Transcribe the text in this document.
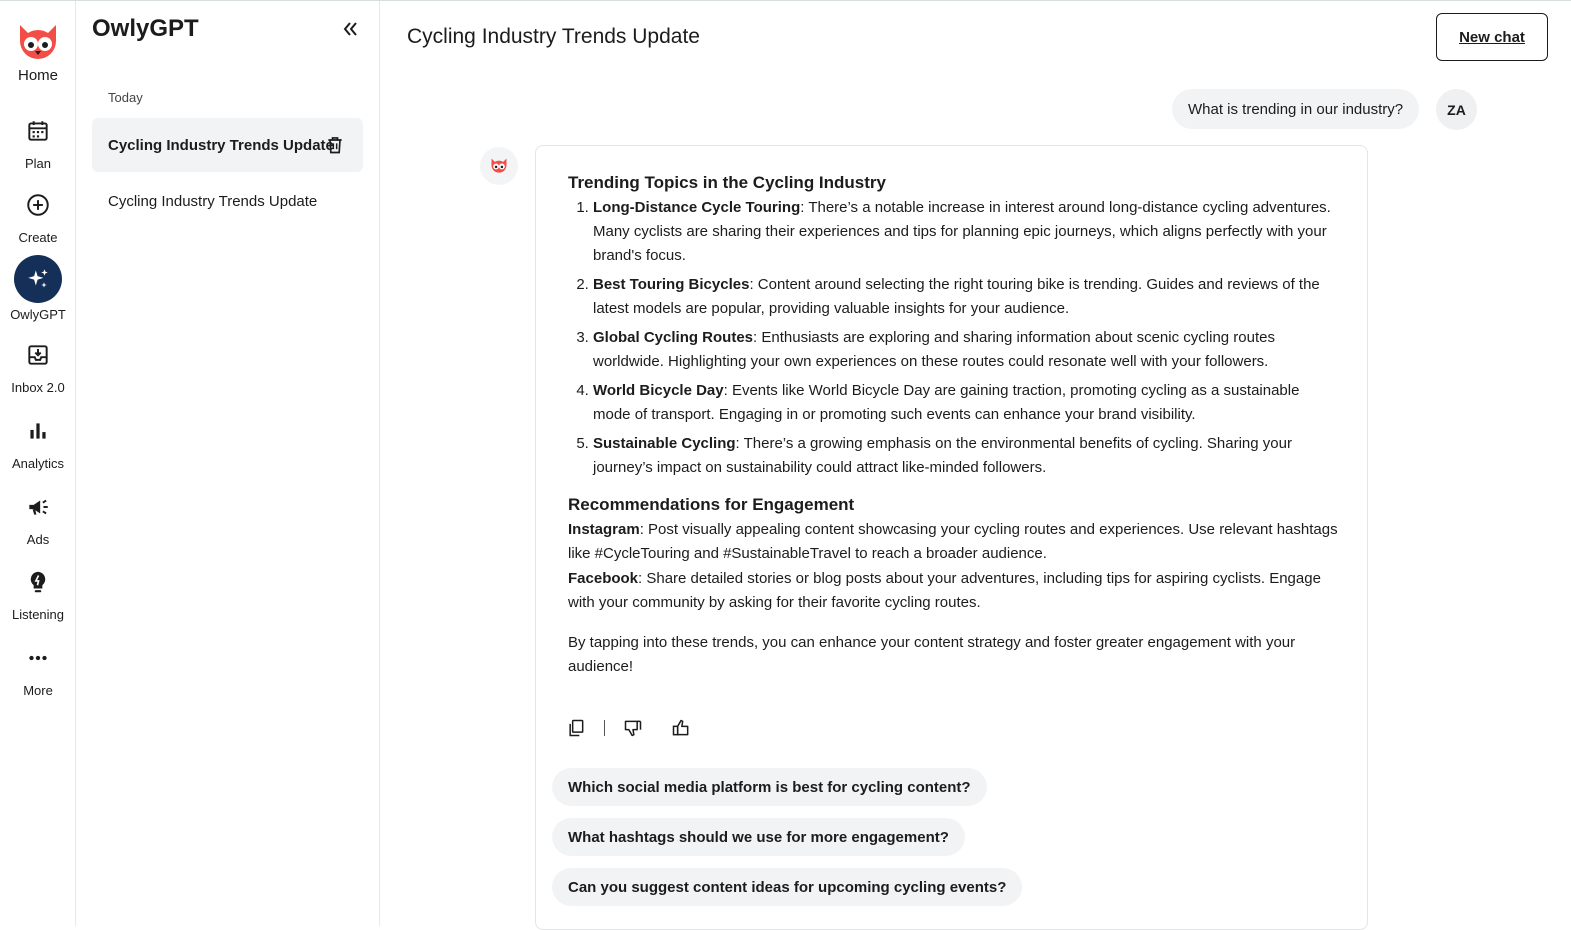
Home
Plan
Create
OwlyGPT
Inbox 2.0
Analytics
Ads
Listening
More
OwlyGPT
Today
Cycling Industry Trends Update
Cycling Industry Trends Update
Cycling Industry Trends Update	New chat
What is trending in our industry?	ZA
Trending Topics in the Cycling Industry
1. Long-Distance Cycle Touring: There’s a notable increase in interest around long-distance cycling adventures. Many cyclists are sharing their experiences and tips for planning epic journeys, which aligns perfectly with your brand's focus.
2. Best Touring Bicycles: Content around selecting the right touring bike is trending. Guides and reviews of the latest models are popular, providing valuable insights for your audience.
3. Global Cycling Routes: Enthusiasts are exploring and sharing information about scenic cycling routes worldwide. Highlighting your own experiences on these routes could resonate well with your followers.
4. World Bicycle Day: Events like World Bicycle Day are gaining traction, promoting cycling as a sustainable mode of transport. Engaging in or promoting such events can enhance your brand visibility.
5. Sustainable Cycling: There’s a growing emphasis on the environmental benefits of cycling. Sharing your journey’s impact on sustainability could attract like-minded followers.
Recommendations for Engagement

Instagram: Post visually appealing content showcasing your cycling routes and experiences. Use relevant hashtags like #CycleTouring and #SustainableTravel to reach a broader audience.

Facebook: Share detailed stories or blog posts about your adventures, including tips for aspiring cyclists. Engage with your community by asking for their favorite cycling routes.

By tapping into these trends, you can enhance your content strategy and foster greater engagement with your audience!

Which social media platform is best for cycling content?
What hashtags should we use for more engagement?
Can you suggest content ideas for upcoming cycling events?
